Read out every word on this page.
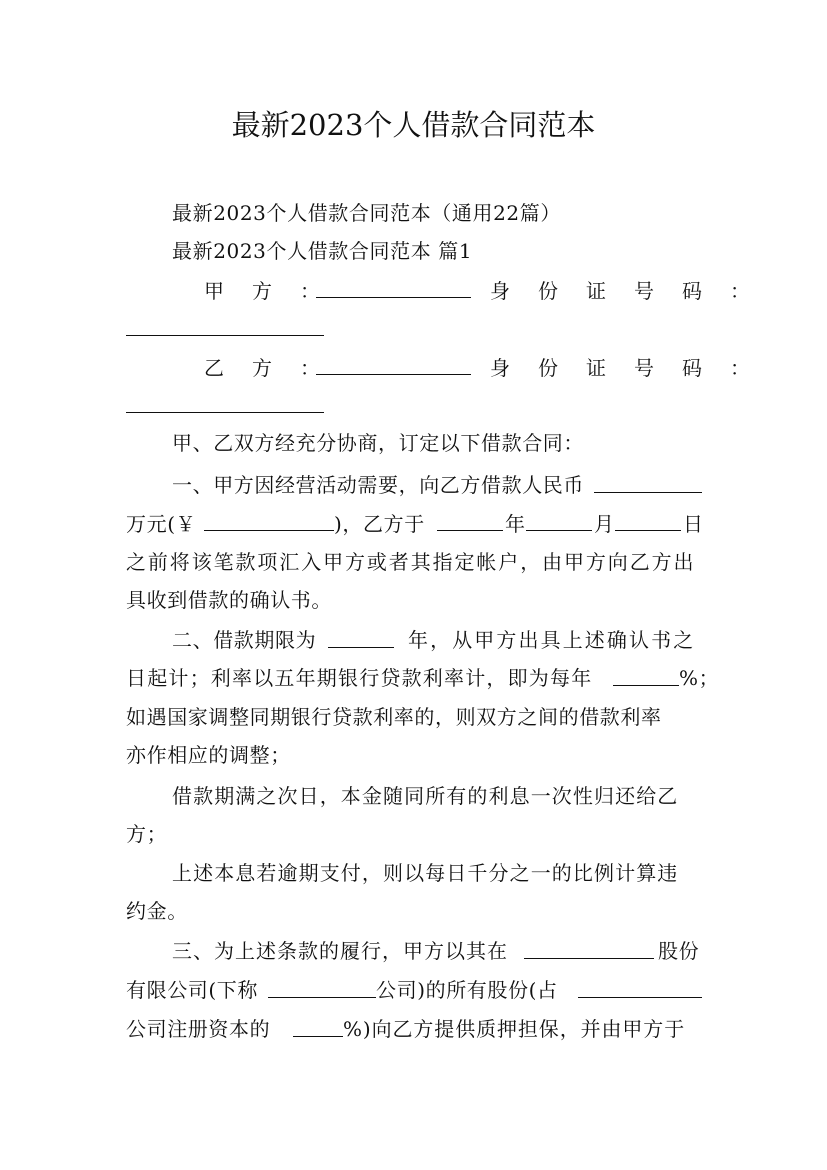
最新2023个人借款合同范本
最新2023个人借款合同范本（通用22篇）
最新2023个人借款合同范本 篇1
甲　方　：	身　份　证　号　码　：
乙　方　：	身　份　证　号　码　：
甲、乙双方经充分协商，订定以下借款合同：
一、甲方因经营活动需要，向乙方借款人民币
万元(￥	)，乙方于	年	月	日
之前将该笔款项汇入甲方或者其指定帐户，由甲方向乙方出
具收到借款的确认书。
二、借款期限为	年，从甲方出具上述确认书之
日起计；利率以五年期银行贷款利率计，即为每年	%；
如遇国家调整同期银行贷款利率的，则双方之间的借款利率
亦作相应的调整；
借款期满之次日，本金随同所有的利息一次性归还给乙
方；
上述本息若逾期支付，则以每日千分之一的比例计算违
约金。
三、为上述条款的履行，甲方以其在	股份
有限公司(下称	公司)的所有股份(占
公司注册资本的	%)向乙方提供质押担保，并由甲方于
